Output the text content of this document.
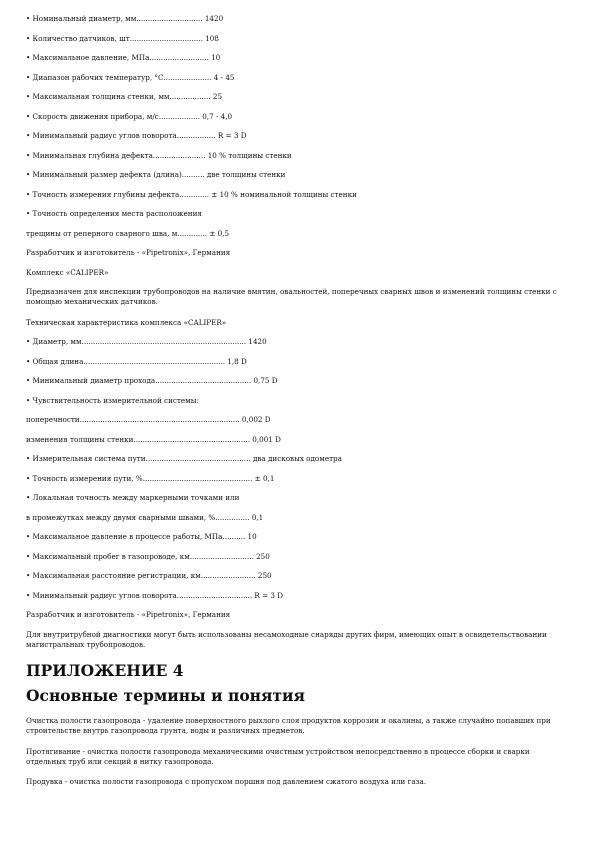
• Номинальный диаметр, мм............................. 1420
• Количество датчиков, шт................................ 108
• Максимальное давление, МПа.......................... 10
• Диапазон рабочих температур, °С..................... 4 - 45
• Максимальная толщина стенки, мм.................. 25
• Скорость движения прибора, м/с.................. 0,7 - 4,0
• Минимальный радиус углов поворота................. R = 3 D
• Минимальная глубина дефекта....................... 10 % толщины стенки
• Минимальный размер дефекта (длина).......... две толщины стенки
• Точность измерения глубины дефекта............. ± 10 % номинальной толщины стенки
• Точность определения места расположения
трещины от реперного сварного шва, м............. ± 0,5
Разработчик и изготовитель - «Pipetronix», Германия
Комплекс «CALIPER»
Предназначен для инспекции трубопроводов на наличие вмятин, овальностей, поперечных сварных швов и изменений толщины стенки с помощью механических датчиков.
Техническая характеристика комплекса «CALIPER»
• Диаметр, мм........................................................................ 1420
• Общая длина.............................................................. 1,8 D
• Минимальный диаметр прохода.......................................... 0,75 D
• Чувствительность измерительной системы:
поперечности...................................................................... 0,002 D
изменения толщины стенки................................................... 0,001 D
• Измерительная система пути.............................................. два дисковых одометра
• Точность измерения пути, %................................................ ± 0,1
• Локальная точность между маркерными точками или
в промежутках между двумя сварными швами, %............... 0,1
• Максимальное давление в процессе работы, МПа.......... 10
• Максимальный пробег в газопроводе, км............................ 250
• Максимальная расстояние регистрации, км........................ 250
• Минимальный радиус углов поворота................................. R = 3 D
Разработчик и изготовитель - «Pipetronix», Германия
Для внутритрубной диагностики могут быть использованы несамоходные снаряды других фирм, имеющих опыт в освидетельствовании магистральных трубопроводов.
ПРИЛОЖЕНИЕ 4
Основные термины и понятия
Очистка полости газопровода - удаление поверхностного рыхлого слоя продуктов коррозии и окалины, а также случайно попавших при строительстве внутрь газопровода грунта, воды и различных предметов.
Протягивание - очистка полости газопровода механическими очистным устройством непосредственно в процессе сборки и сварки отдельных труб или секций в нитку газопровода.
Продувка - очистка полости газопровода с пропуском поршня под давлением сжатого воздуха или газа.
